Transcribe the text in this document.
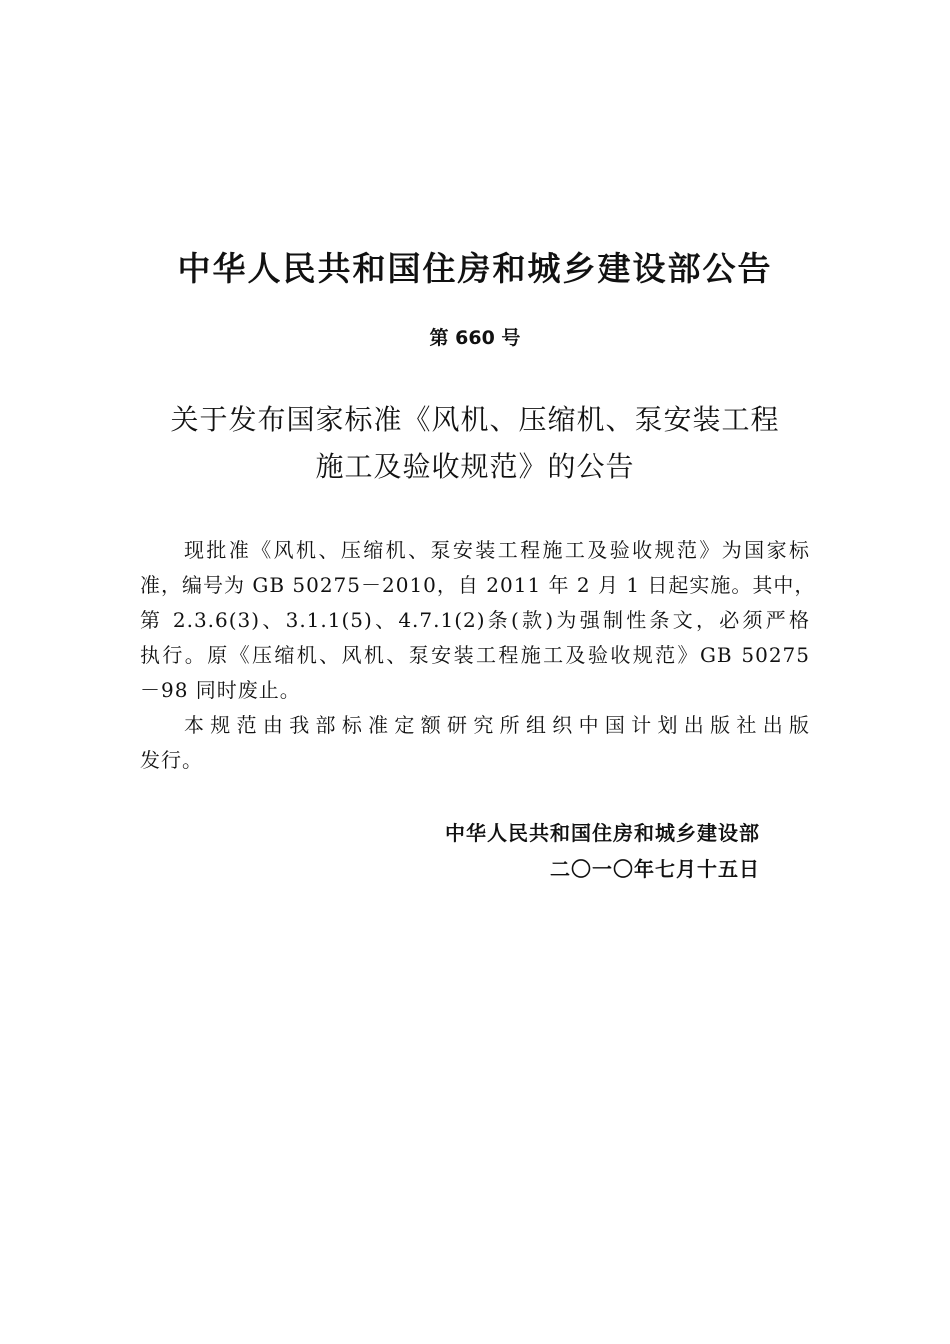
中华人民共和国住房和城乡建设部公告
第 660 号
关于发布国家标准《风机、压缩机、泵安装工程
施工及验收规范》的公告
现批准《风机、压缩机、泵安装工程施工及验收规范》为国家标
准，编号为 GB 50275－2010，自 2011 年 2 月 1 日起实施。其中，
第 2.3.6(3)、3.1.1(5)、4.7.1(2)条(款)为强制性条文，必须严格
执行。原《压缩机、风机、泵安装工程施工及验收规范》GB 50275
－98 同时废止。
本规范由我部标准定额研究所组织中国计划出版社出版
发行。
中华人民共和国住房和城乡建设部
二〇一〇年七月十五日
